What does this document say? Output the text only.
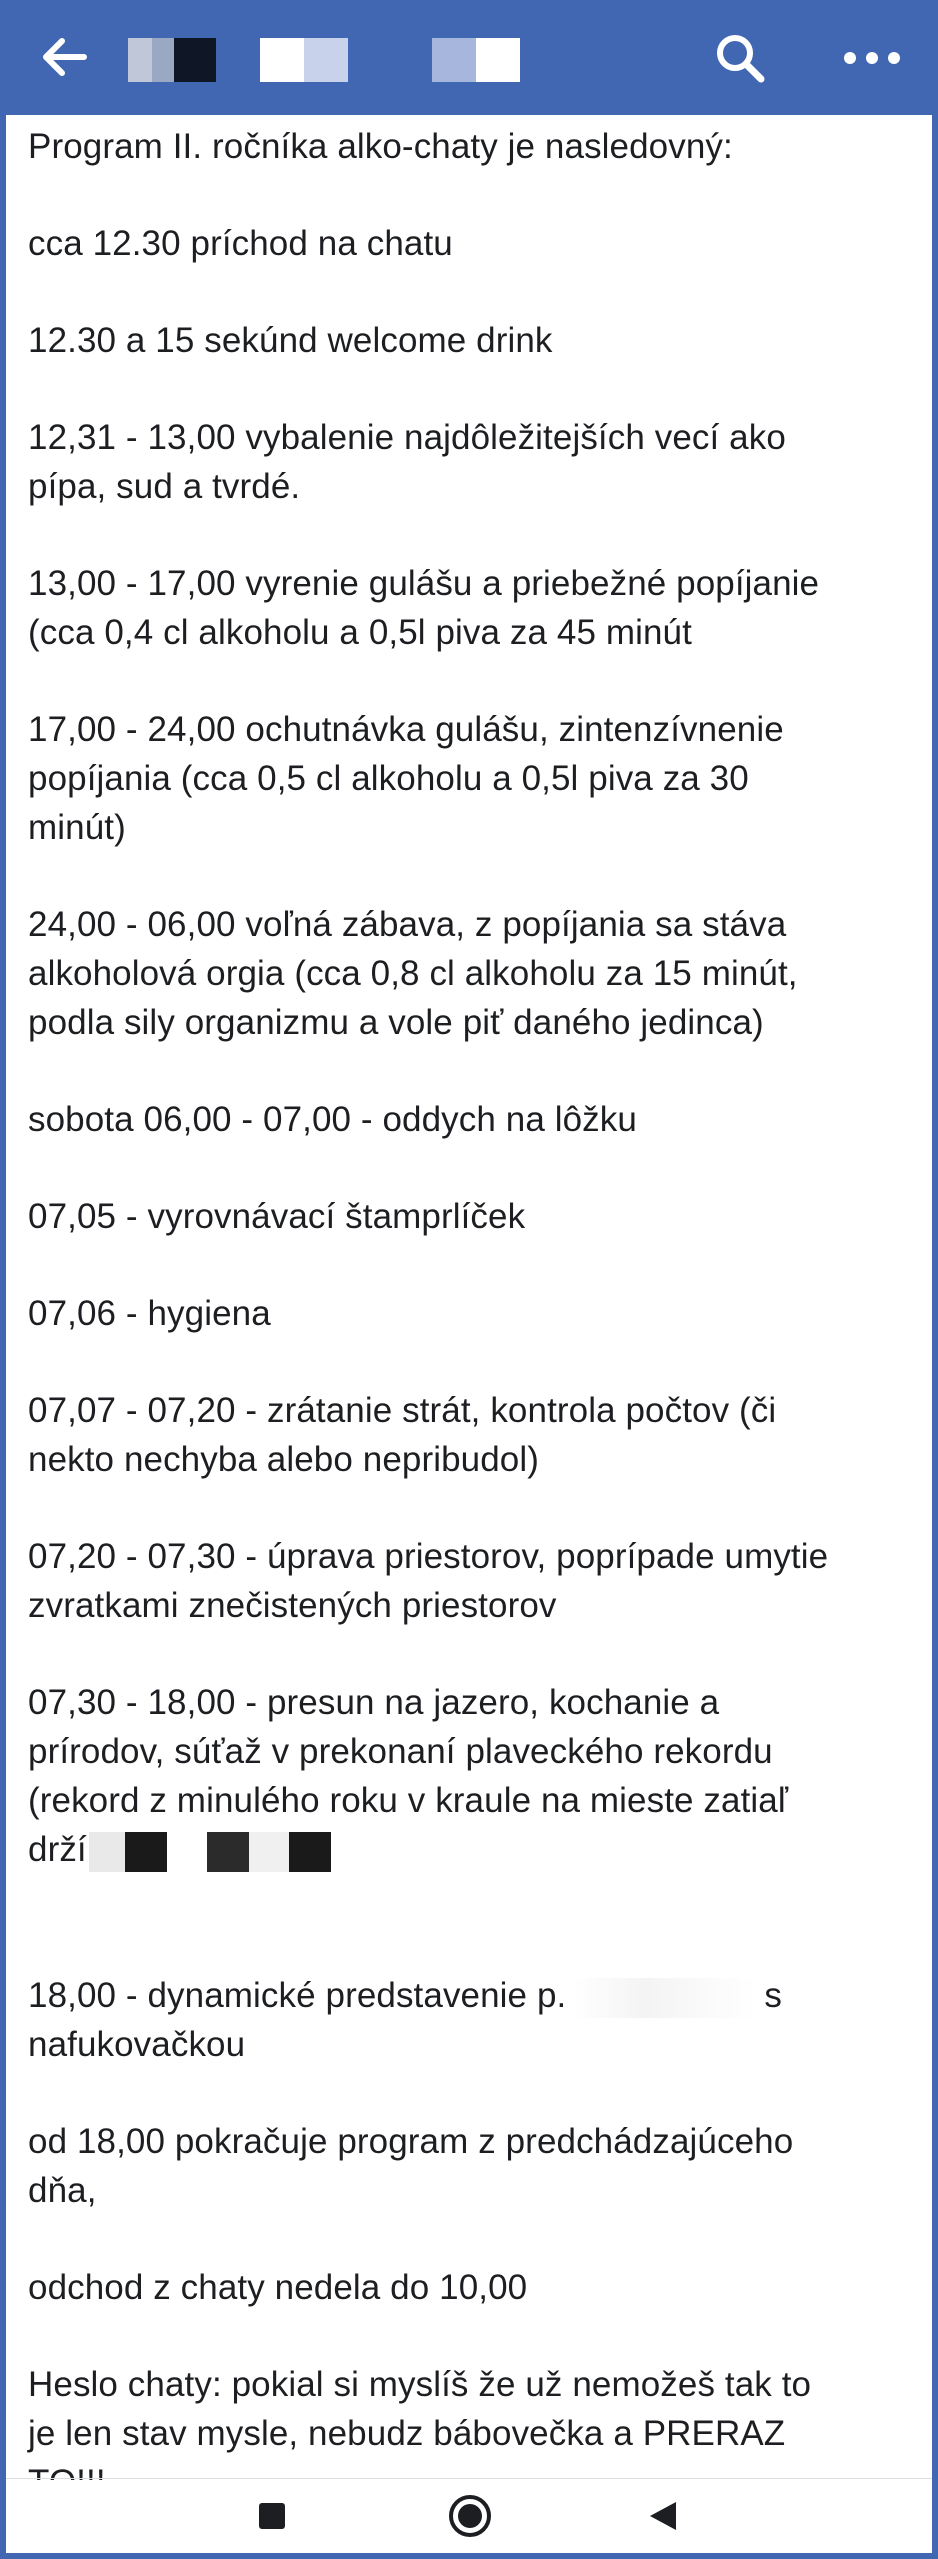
Program II. ročníka alko-chaty je nasledovný:

cca 12.30 príchod na chatu

12.30 a 15 sekúnd welcome drink

12,31 - 13,00 vybalenie najdôležitejších vecí ako
pípa, sud a tvrdé.

13,00 - 17,00 vyrenie gulášu a priebežné popíjanie
(cca 0,4 cl alkoholu a 0,5l piva za 45 minút

17,00 - 24,00 ochutnávka gulášu, zintenzívnenie
popíjania (cca 0,5 cl alkoholu a 0,5l piva za 30
minút)

24,00 - 06,00 voľná zábava, z popíjania sa stáva
alkoholová orgia (cca 0,8 cl alkoholu za 15 minút,
podla sily organizmu a vole piť daného jedinca)

sobota 06,00 - 07,00 - oddych na lôžku

07,05 - vyrovnávací štamprlíček

07,06 - hygiena

07,07 - 07,20 - zrátanie strát, kontrola počtov (či
nekto nechyba alebo nepribudol)

07,20 - 07,30 - úprava priestorov, poprípade umytie
zvratkami znečistených priestorov

07,30 - 18,00 - presun na jazero, kochanie a
prírodov, súťaž v prekonaní plaveckého rekordu
(rekord z minulého roku v kraule na mieste zatiaľ
drží

18,00 - dynamické predstavenie p.	s
nafukovačkou

od 18,00 pokračuje program z predchádzajúceho
dňa,

odchod z chaty nedela do 10,00

Heslo chaty: pokial si myslíš že už nemožeš tak to
je len stav mysle, nebudz bábovečka a PRERAZ
